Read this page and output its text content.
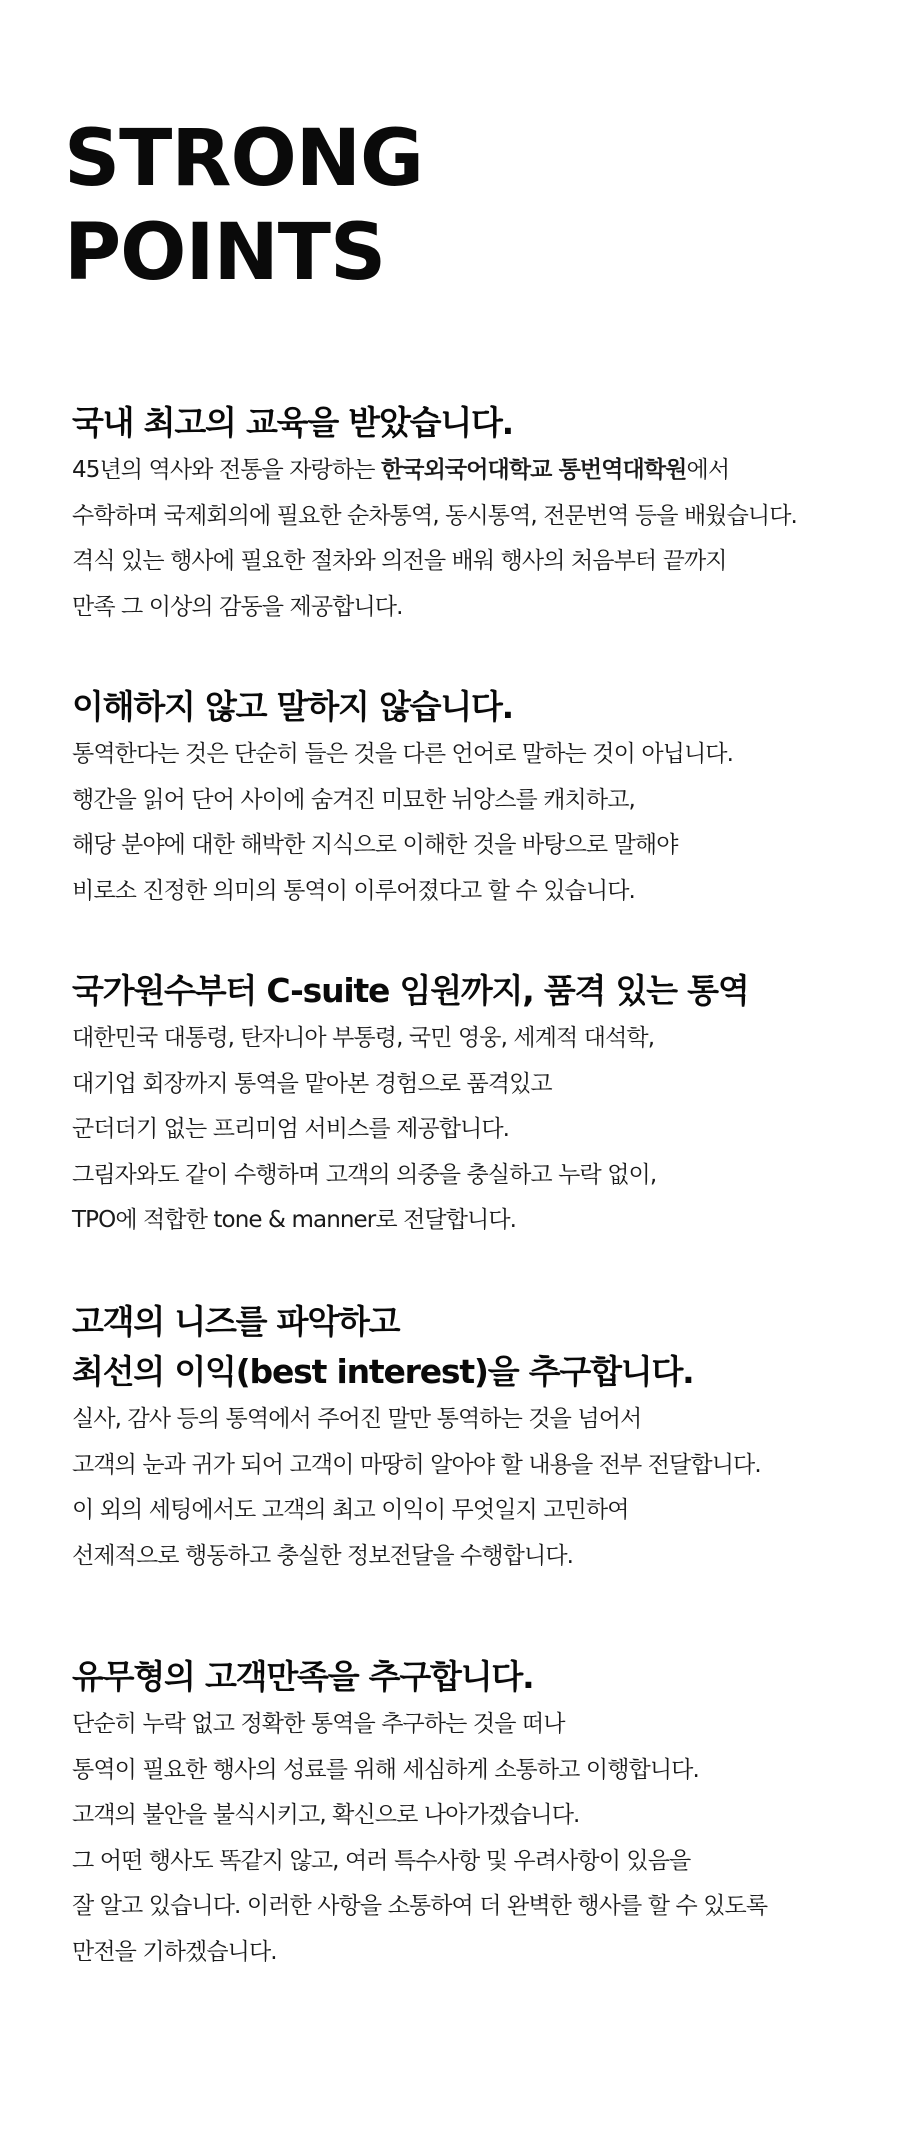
STRONG
POINTS
국내 최고의 교육을 받았습니다.
45년의 역사와 전통을 자랑하는 한국외국어대학교 통번역대학원에서
수학하며 국제회의에 필요한 순차통역, 동시통역, 전문번역 등을 배웠습니다.
격식 있는 행사에 필요한 절차와 의전을 배워 행사의 처음부터 끝까지
만족 그 이상의 감동을 제공합니다.
이해하지 않고 말하지 않습니다.
통역한다는 것은 단순히 들은 것을 다른 언어로 말하는 것이 아닙니다.
행간을 읽어 단어 사이에 숨겨진 미묘한 뉘앙스를 캐치하고,
해당 분야에 대한 해박한 지식으로 이해한 것을 바탕으로 말해야
비로소 진정한 의미의 통역이 이루어졌다고 할 수 있습니다.
국가원수부터 C-suite 임원까지, 품격 있는 통역
대한민국 대통령, 탄자니아 부통령, 국민 영웅, 세계적 대석학,
대기업 회장까지 통역을 맡아본 경험으로 품격있고
군더더기 없는 프리미엄 서비스를 제공합니다.
그림자와도 같이 수행하며 고객의 의중을 충실하고 누락 없이,
TPO에 적합한 tone & manner로 전달합니다.
고객의 니즈를 파악하고
최선의 이익(best interest)을 추구합니다.
실사, 감사 등의 통역에서 주어진 말만 통역하는 것을 넘어서
고객의 눈과 귀가 되어 고객이 마땅히 알아야 할 내용을 전부 전달합니다.
이 외의 세팅에서도 고객의 최고 이익이 무엇일지 고민하여
선제적으로 행동하고 충실한 정보전달을 수행합니다.
유무형의 고객만족을 추구합니다.
단순히 누락 없고 정확한 통역을 추구하는 것을 떠나
통역이 필요한 행사의 성료를 위해 세심하게 소통하고 이행합니다.
고객의 불안을 불식시키고, 확신으로 나아가겠습니다.
그 어떤 행사도 똑같지 않고, 여러 특수사항 및 우려사항이 있음을
잘 알고 있습니다. 이러한 사항을 소통하여 더 완벽한 행사를 할 수 있도록
만전을 기하겠습니다.
